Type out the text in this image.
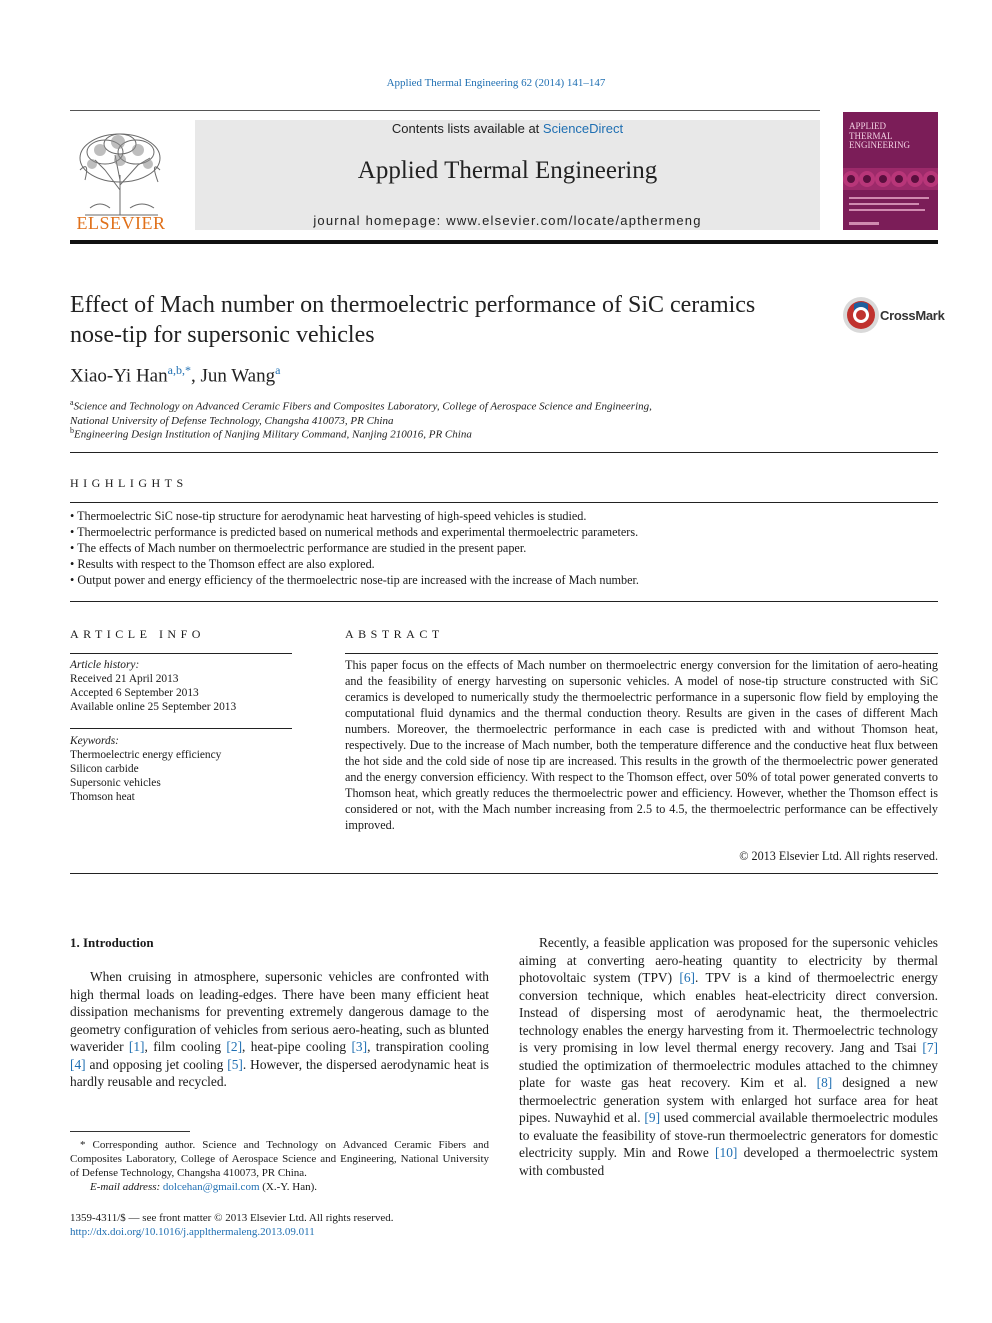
Applied Thermal Engineering 62 (2014) 141–147
ELSEVIER
Contents lists available at ScienceDirect
Applied Thermal Engineering
journal homepage: www.elsevier.com/locate/apthermeng
APPLIED
THERMAL
ENGINEERING
Effect of Mach number on thermoelectric performance of SiC ceramics
nose-tip for supersonic vehicles
CrossMark
Xiao-Yi Han$^{a,b,*}$, Jun Wang$^a$
$^a$Science and Technology on Advanced Ceramic Fibers and Composites Laboratory, College of Aerospace Science and Engineering,
National University of Defense Technology, Changsha 410073, PR China
$^b$Engineering Design Institution of Nanjing Military Command, Nanjing 210016, PR China
HIGHLIGHTS
• Thermoelectric SiC nose-tip structure for aerodynamic heat harvesting of high-speed vehicles is studied.
• Thermoelectric performance is predicted based on numerical methods and experimental thermoelectric parameters.
• The effects of Mach number on thermoelectric performance are studied in the present paper.
• Results with respect to the Thomson effect are also explored.
• Output power and energy efficiency of the thermoelectric nose-tip are increased with the increase of Mach number.
ARTICLE INFO
Article history:
Received 21 April 2013
Accepted 6 September 2013
Available online 25 September 2013
Keywords:
Thermoelectric energy efficiency
Silicon carbide
Supersonic vehicles
Thomson heat
ABSTRACT
This paper focus on the effects of Mach number on thermoelectric energy conversion for the limitation of aero-heating and the feasibility of energy harvesting on supersonic vehicles. A model of nose-tip structure constructed with SiC ceramics is developed to numerically study the thermoelectric performance in a supersonic flow field by employing the computational fluid dynamics and the thermal conduction theory. Results are given in the cases of different Mach numbers. Moreover, the thermoelectric performance in each case is predicted with and without Thomson heat, respectively. Due to the increase of Mach number, both the temperature difference and the conductive heat flux between the hot side and the cold side of nose tip are increased. This results in the growth of the thermoelectric power generated and the energy conversion efficiency. With respect to the Thomson effect, over 50% of total power generated converts to Thomson heat, which greatly reduces the thermoelectric power and efficiency. However, whether the Thomson effect is considered or not, with the Mach number increasing from 2.5 to 4.5, the thermoelectric performance can be effectively improved.
© 2013 Elsevier Ltd. All rights reserved.
1. Introduction
When cruising in atmosphere, supersonic vehicles are confronted with high thermal loads on leading-edges. There have been many efficient heat dissipation mechanisms for preventing extremely dangerous damage to the geometry configuration of vehicles from serious aero-heating, such as blunted waverider [1], film cooling [2], heat-pipe cooling [3], transpiration cooling [4] and opposing jet cooling [5]. However, the dispersed aerodynamic heat is hardly reusable and recycled.
Recently, a feasible application was proposed for the supersonic vehicles aiming at converting aero-heating quantity to electricity by thermal photovoltaic system (TPV) [6]. TPV is a kind of thermoelectric energy conversion technique, which enables heat-electricity direct conversion. Instead of dispersing most of aerodynamic heat, the thermoelectric technology enables the energy harvesting from it. Thermoelectric technology is very promising in low level thermal energy recovery. Jang and Tsai [7] studied the optimization of thermoelectric modules attached to the chimney plate for waste gas heat recovery. Kim et al. [8] designed a new thermoelectric generation system with enlarged hot surface area for heat pipes. Nuwayhid et al. [9] used commercial available thermoelectric modules to evaluate the feasibility of stove-run thermoelectric generators for domestic electricity supply. Min and Rowe [10] developed a thermoelectric system with combusted
* Corresponding author. Science and Technology on Advanced Ceramic Fibers and Composites Laboratory, College of Aerospace Science and Engineering, National University of Defense Technology, Changsha 410073, PR China.
E-mail address: dolcehan@gmail.com (X.-Y. Han).
1359-4311/$ — see front matter © 2013 Elsevier Ltd. All rights reserved.
http://dx.doi.org/10.1016/j.applthermaleng.2013.09.011
